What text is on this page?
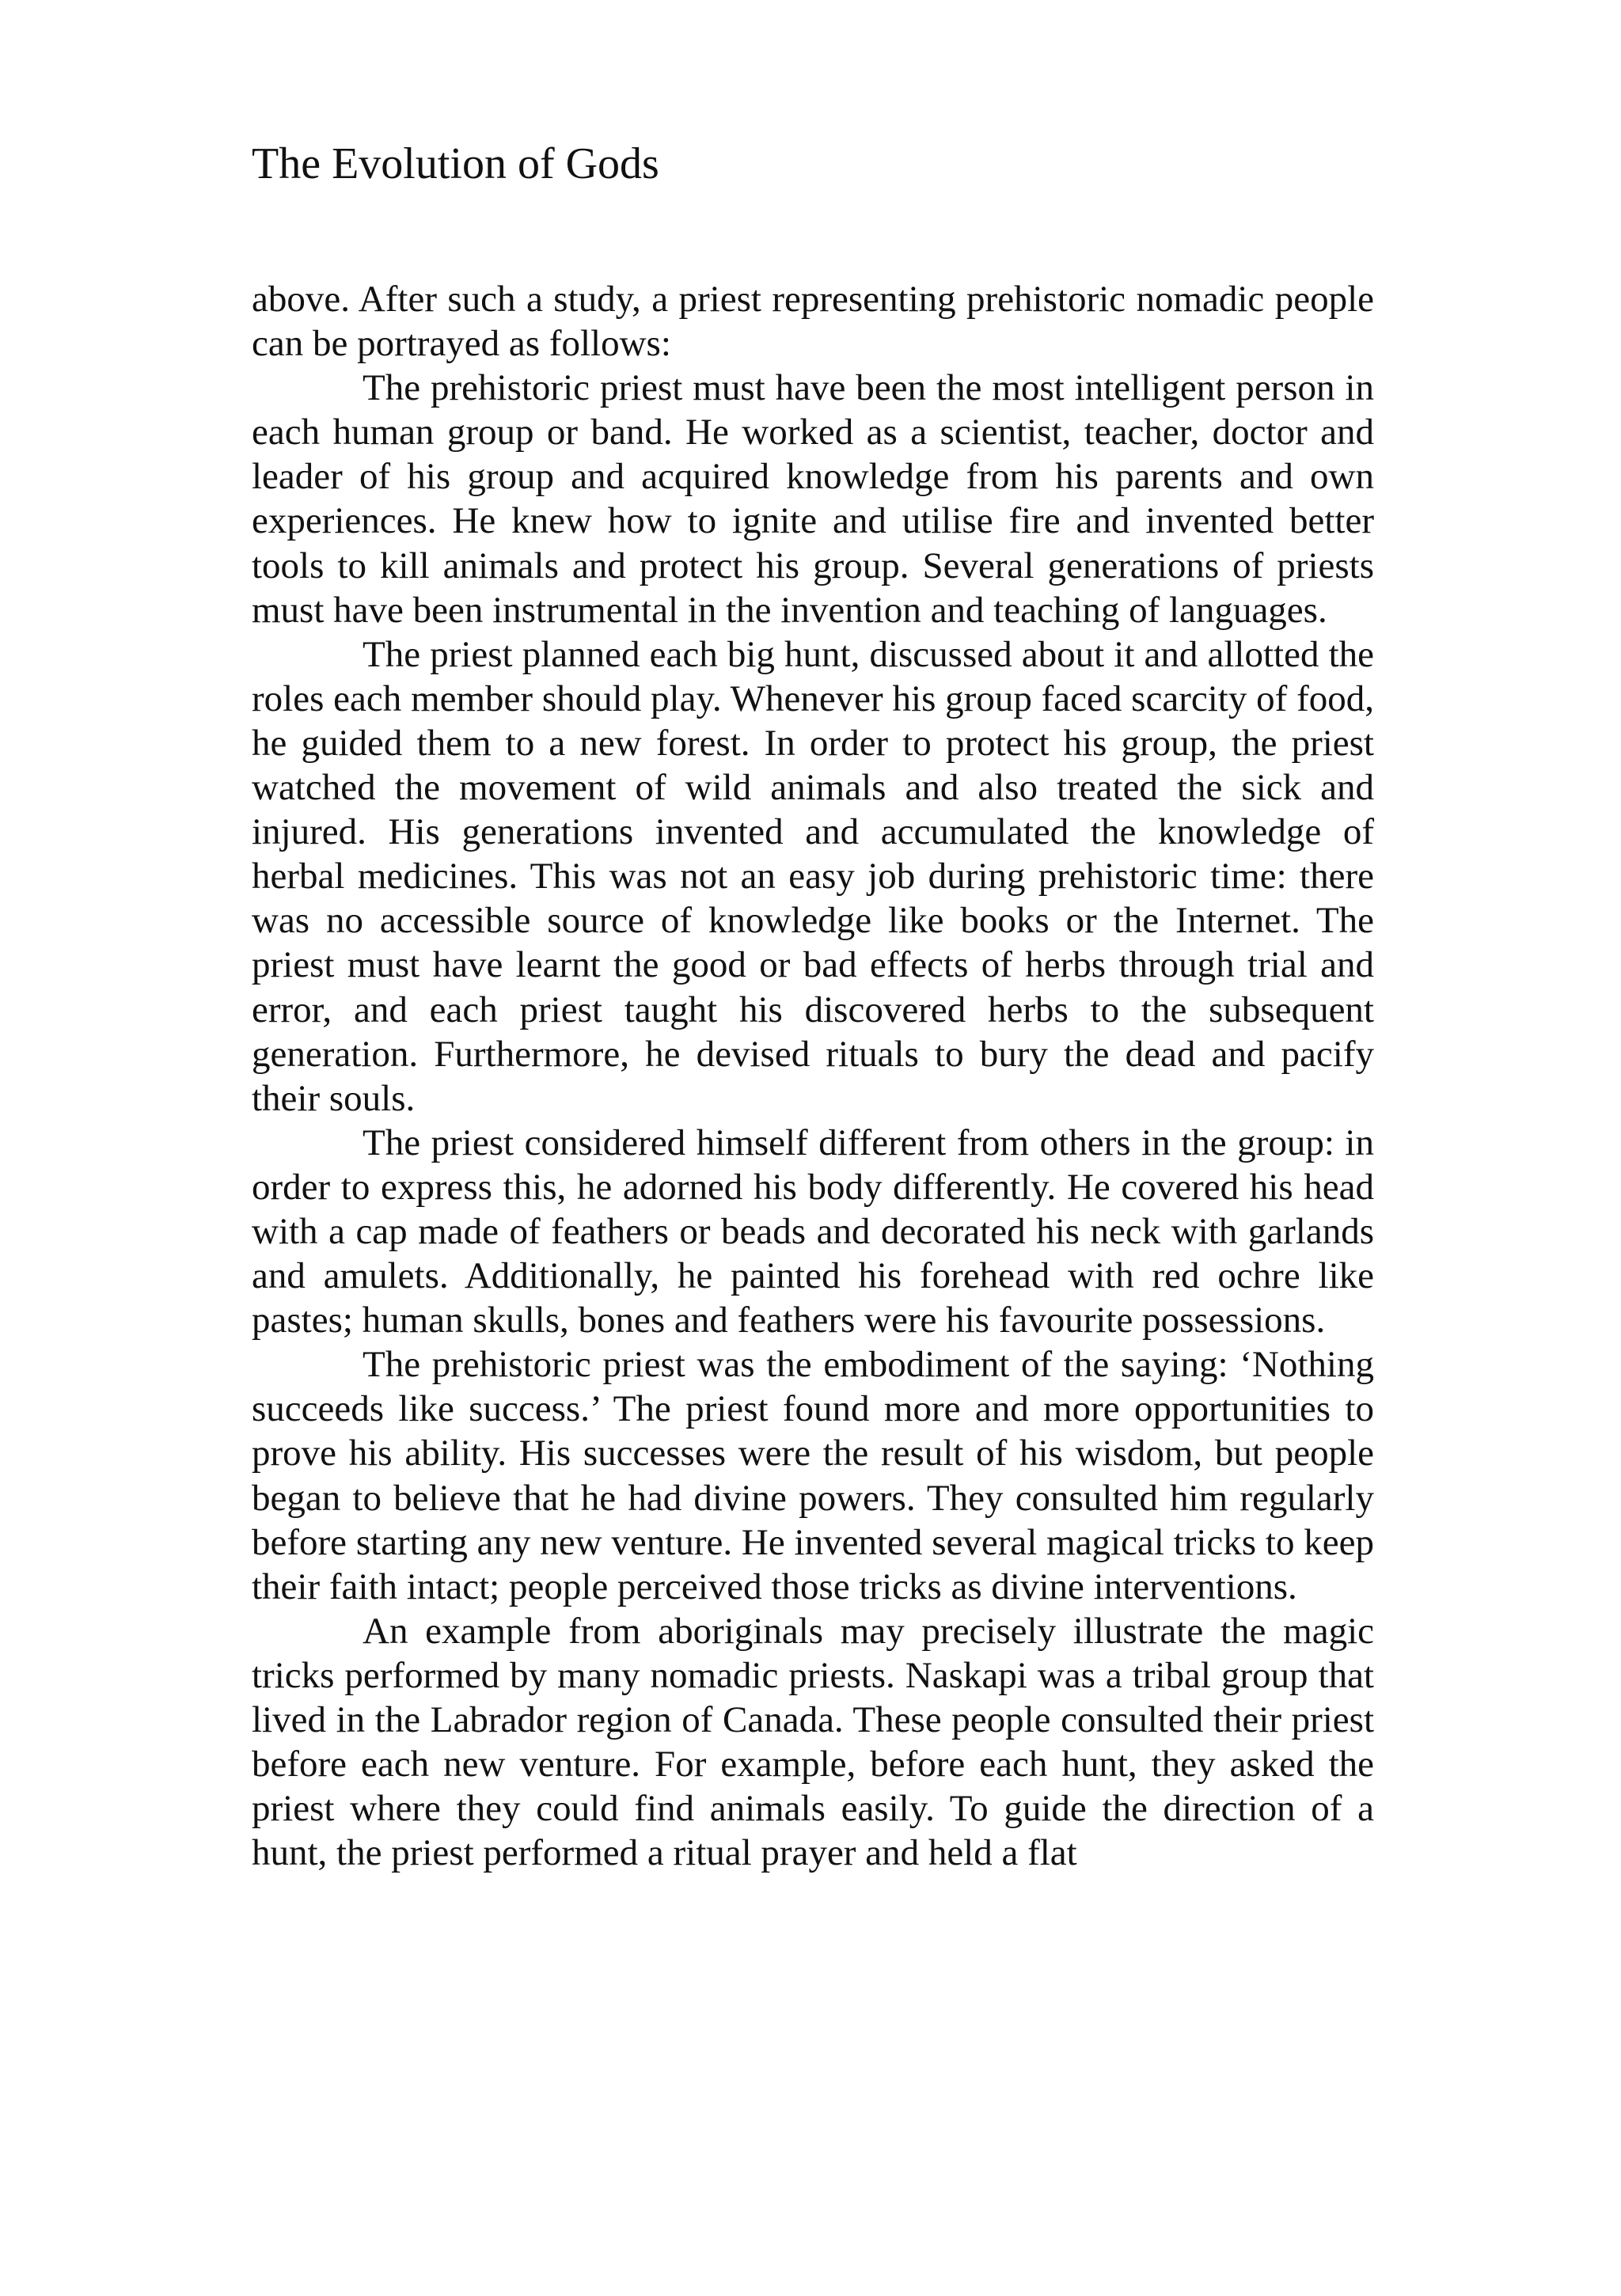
The Evolution of Gods

above. After such a study, a priest representing prehistoric nomadic people can be portrayed as follows:

The prehistoric priest must have been the most intelligent person in each human group or band. He worked as a scientist, teacher, doctor and leader of his group and acquired knowledge from his parents and own experiences. He knew how to ignite and utilise fire and invented better tools to kill animals and protect his group. Several generations of priests must have been instrumental in the invention and teaching of languages.

The priest planned each big hunt, discussed about it and allotted the roles each member should play. Whenever his group faced scarcity of food, he guided them to a new forest. In order to protect his group, the priest watched the movement of wild animals and also treated the sick and injured. His generations invented and accumulated the knowledge of herbal medicines. This was not an easy job during prehistoric time: there was no accessible source of knowledge like books or the Internet. The priest must have learnt the good or bad effects of herbs through trial and error, and each priest taught his discovered herbs to the subsequent generation. Furthermore, he devised rituals to bury the dead and pacify their souls.

The priest considered himself different from others in the group: in order to express this, he adorned his body differently. He covered his head with a cap made of feathers or beads and decorated his neck with garlands and amulets. Additionally, he painted his forehead with red ochre like pastes; human skulls, bones and feathers were his favourite possessions.

The prehistoric priest was the embodiment of the saying: ‘Nothing succeeds like success.’ The priest found more and more opportunities to prove his ability. His successes were the result of his wisdom, but people began to believe that he had divine powers. They consulted him regularly before starting any new venture. He invented several magical tricks to keep their faith intact; people perceived those tricks as divine interventions.

An example from aboriginals may precisely illustrate the magic tricks performed by many nomadic priests. Naskapi was a tribal group that lived in the Labrador region of Canada. These people consulted their priest before each new venture. For example, before each hunt, they asked the priest where they could find animals easily. To guide the direction of a hunt, the priest performed a ritual prayer and held a flat
